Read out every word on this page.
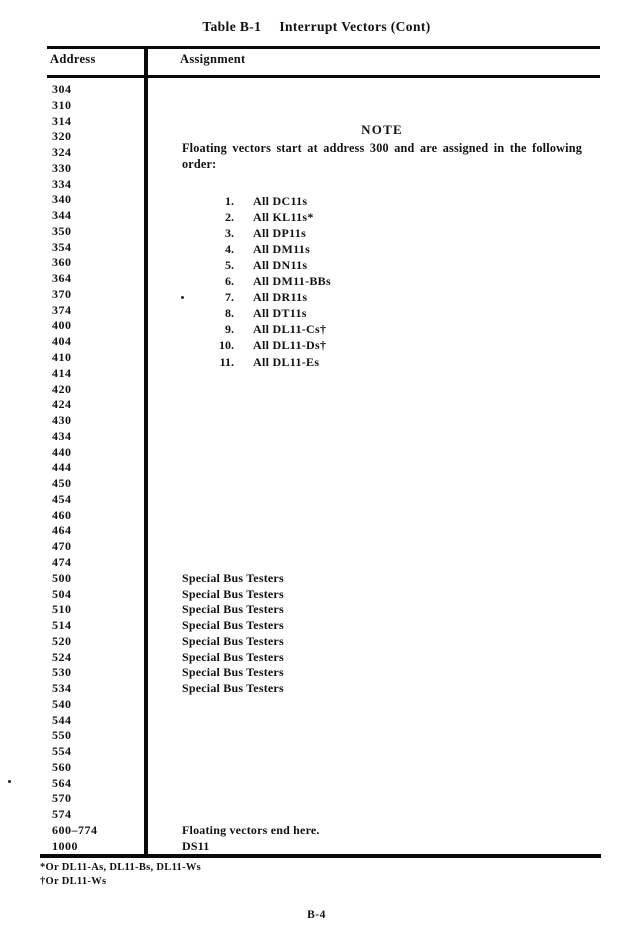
Table B-1 Interrupt Vectors (Cont)
Address	Assignment
304
310
314
320
324
330
334
340
344
350
354
360
364
370
374
400
404
410
414
420
424
430
434
440
444
450
454
460
464
470
474
500	Special Bus Testers
504	Special Bus Testers
510	Special Bus Testers
514	Special Bus Testers
520	Special Bus Testers
524	Special Bus Testers
530	Special Bus Testers
534	Special Bus Testers
540
544
550
554
560
564
570
574
600–774	Floating vectors end here.
1000	DS11
NOTE
Floating vectors start at address 300 and are assigned in the following order:
1. All DC11s
2. All KL11s*
3. All DP11s
4. All DM11s
5. All DN11s
6. All DM11-BBs
7. All DR11s
8. All DT11s
9. All DL11-Cs†
10. All DL11-Ds†
11. All DL11-Es
*Or DL11-As, DL11-Bs, DL11-Ws
†Or DL11-Ws
B-4
